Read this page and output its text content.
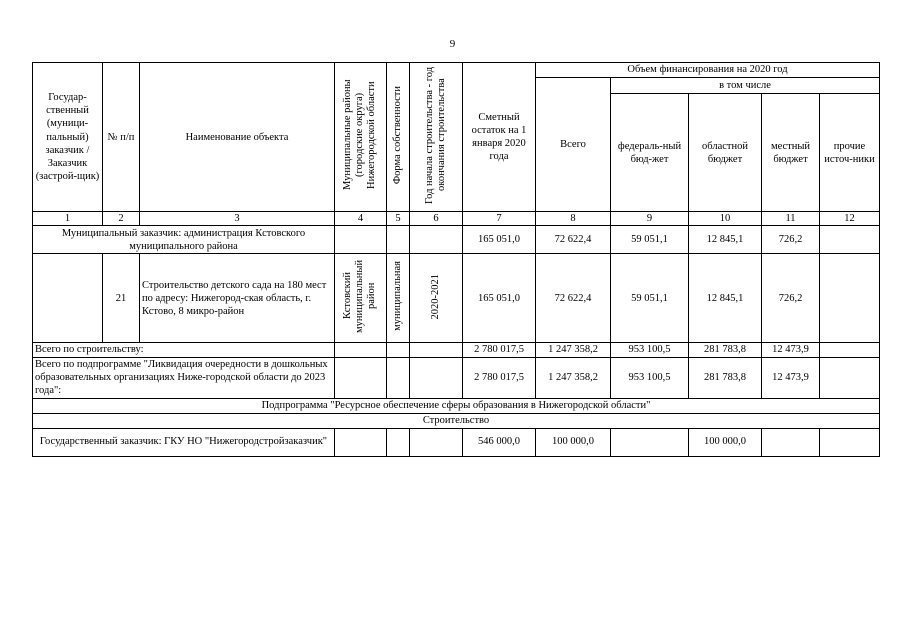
9
Государ-ственный (муници-пальный) заказчик / Заказчик (застрой-щик)	№ п/п	Наименование объекта	Муниципальные районы (городские округа) Нижегородской области	Форма собственности	Год начала строительства - год окончания строительства	Сметный остаток на 1 января 2020 года	Объем финансирования на 2020 год				
							Всего	в том числе			
								федераль-ный бюд-жет	областной бюджет	местный бюджет	прочие источ-ники
1	2	3	4	5	6	7	8	9	10	11	12
Муниципальный заказчик: администрация Кстовского муниципального района						165 051,0	72 622,4	59 051,1	12 845,1	726,2	
	21	Строительство детского сада на 180 мест по адресу: Нижегород-ская область, г. Кстово, 8 микро-район	Кстовский муниципальный район	муниципальная	2020-2021	165 051,0	72 622,4	59 051,1	12 845,1	726,2	
Всего по строительству:						2 780 017,5	1 247 358,2	953 100,5	281 783,8	12 473,9	
Всего по подпрограмме "Ликвидация очередности в дошкольных образовательных организациях Ниже-городской области до 2023 года":						2 780 017,5	1 247 358,2	953 100,5	281 783,8	12 473,9	
Подпрограмма "Ресурсное обеспечение сферы образования в Нижегородской области"											
Строительство											
Государственный заказчик: ГКУ НО "Нижегородстройзаказчик"						546 000,0	100 000,0		100 000,0		
